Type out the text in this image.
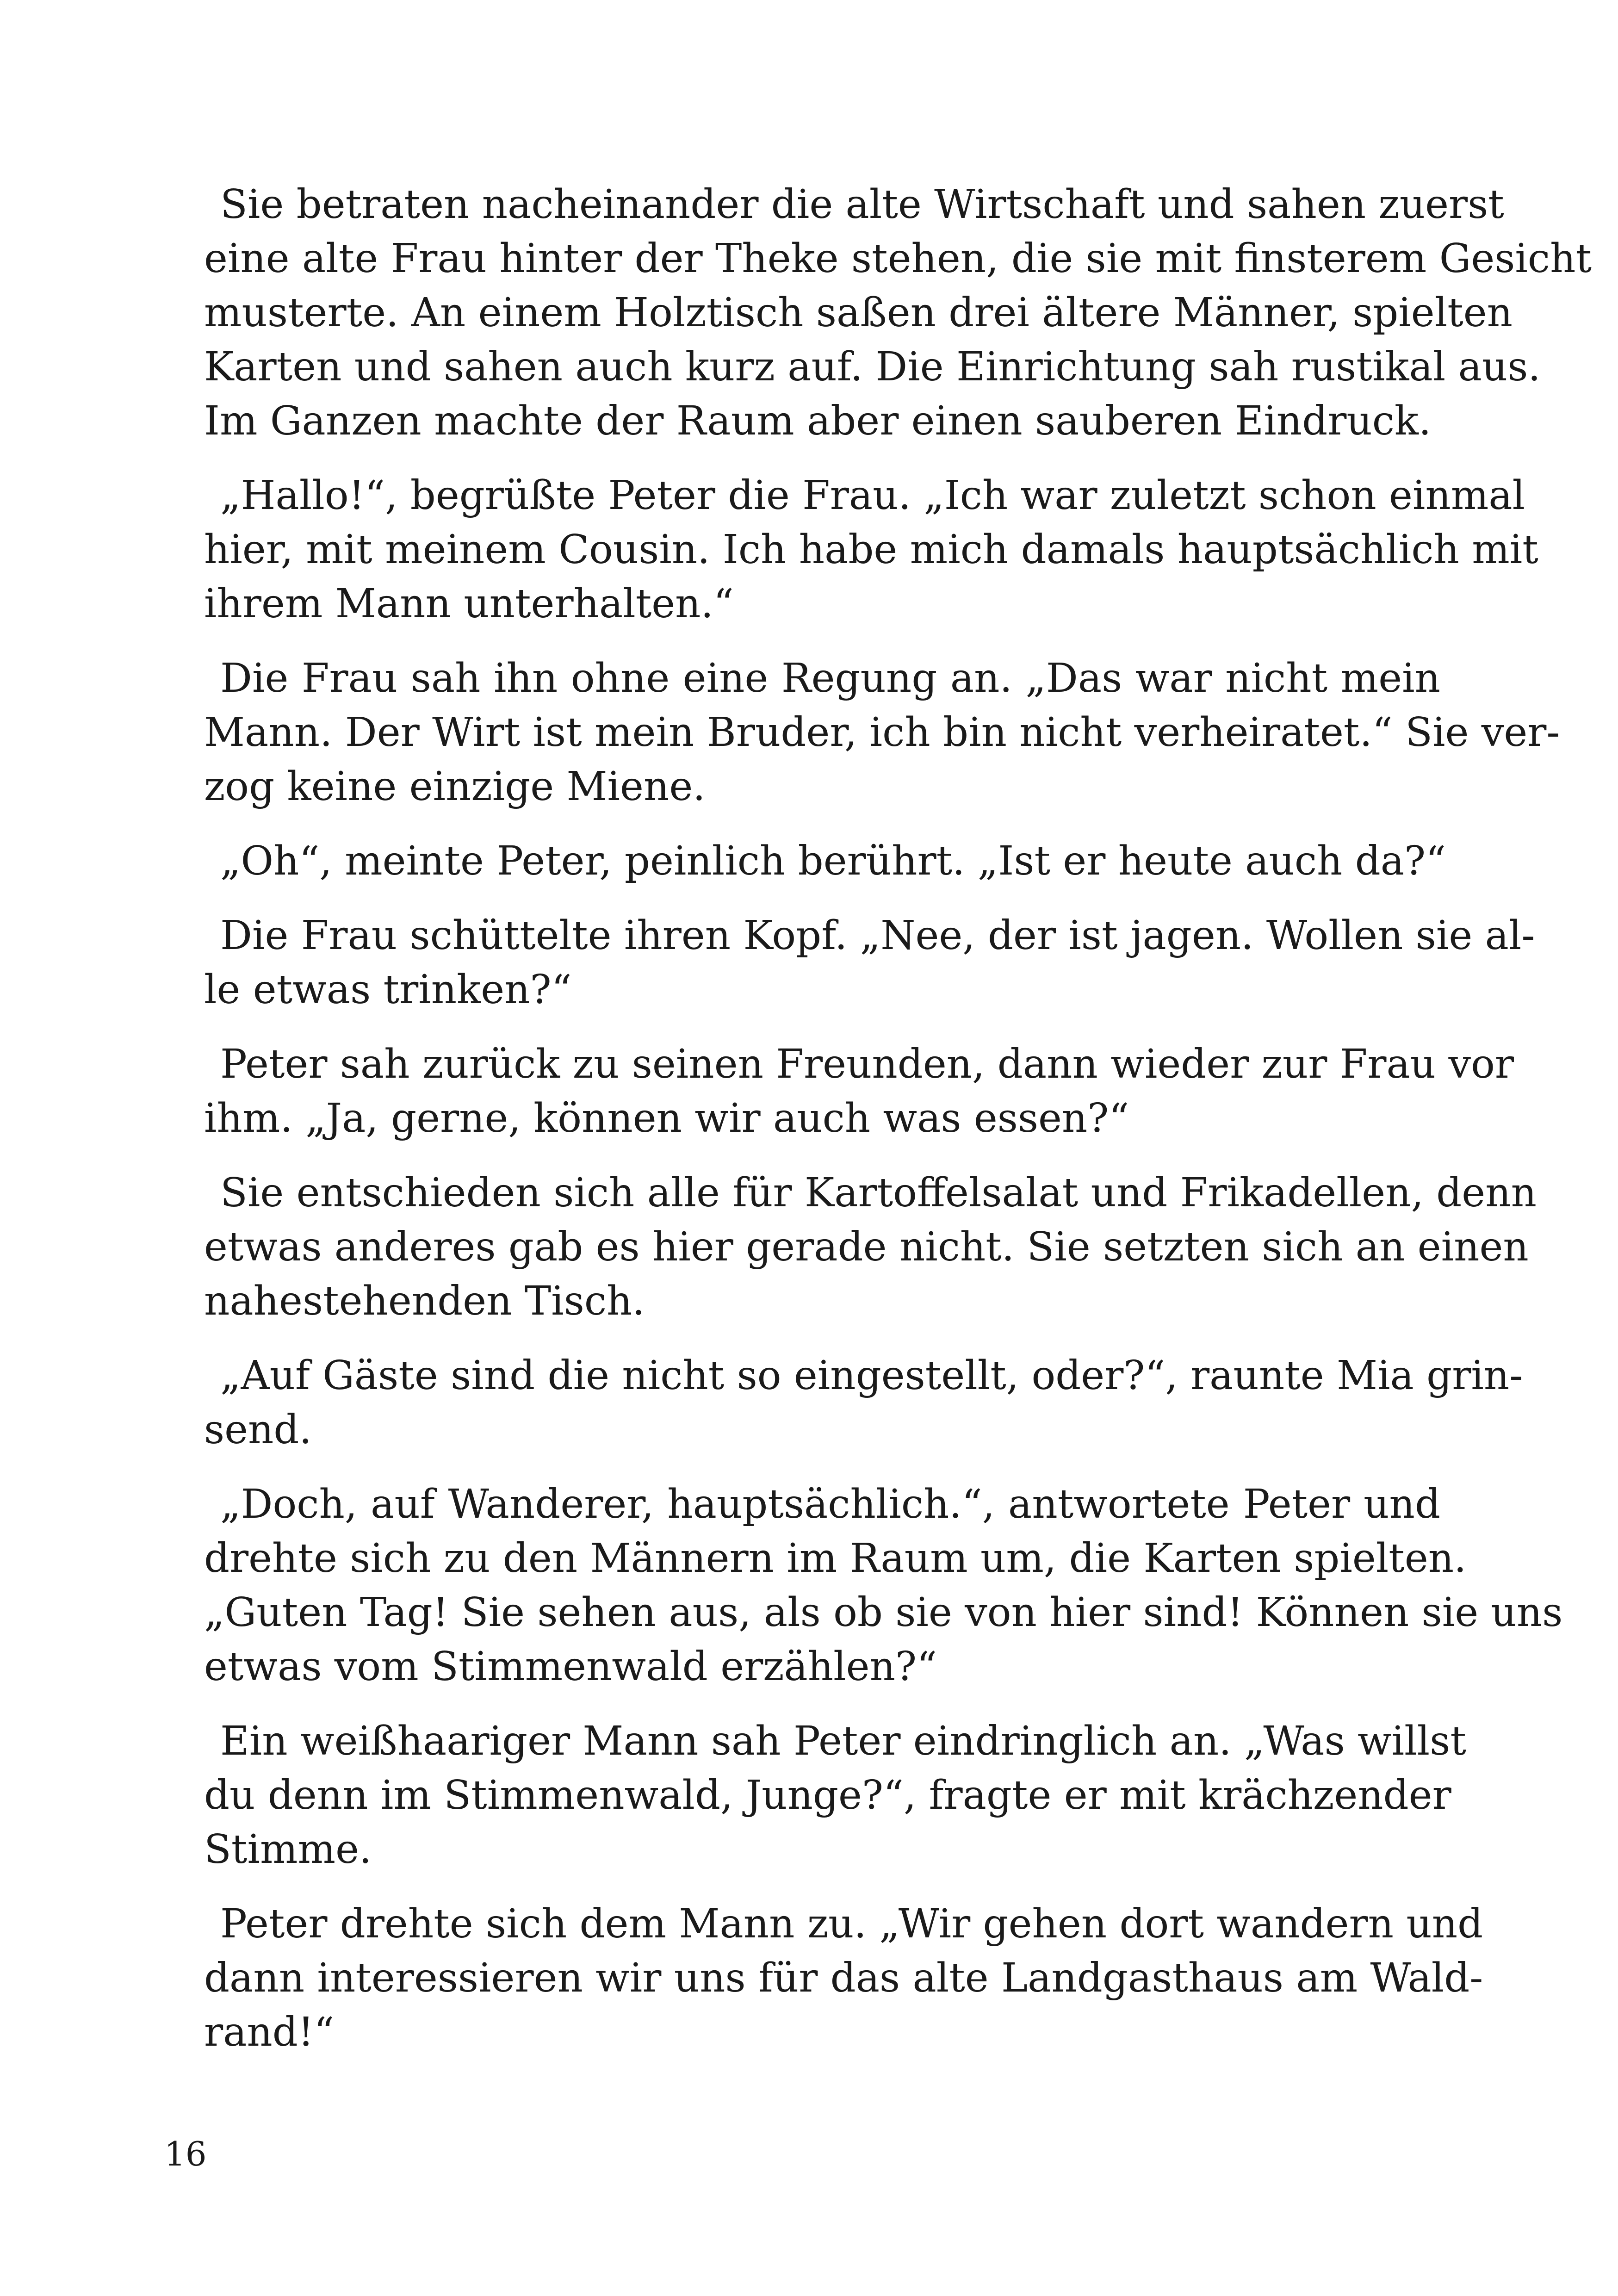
Sie betraten nacheinander die alte Wirtschaft und sahen zuerst
eine alte Frau hinter der Theke stehen, die sie mit finsterem Gesicht
musterte. An einem Holztisch saßen drei ältere Männer, spielten
Karten und sahen auch kurz auf. Die Einrichtung sah rustikal aus.
Im Ganzen machte der Raum aber einen sauberen Eindruck.
„Hallo!“, begrüßte Peter die Frau. „Ich war zuletzt schon einmal
hier, mit meinem Cousin. Ich habe mich damals hauptsächlich mit
ihrem Mann unterhalten.“
Die Frau sah ihn ohne eine Regung an. „Das war nicht mein
Mann. Der Wirt ist mein Bruder, ich bin nicht verheiratet.“ Sie ver-
zog keine einzige Miene.
„Oh“, meinte Peter, peinlich berührt. „Ist er heute auch da?“
Die Frau schüttelte ihren Kopf. „Nee, der ist jagen. Wollen sie al-
le etwas trinken?“
Peter sah zurück zu seinen Freunden, dann wieder zur Frau vor
ihm. „Ja, gerne, können wir auch was essen?“
Sie entschieden sich alle für Kartoffelsalat und Frikadellen, denn
etwas anderes gab es hier gerade nicht. Sie setzten sich an einen
nahestehenden Tisch.
„Auf Gäste sind die nicht so eingestellt, oder?“, raunte Mia grin-
send.
„Doch, auf Wanderer, hauptsächlich.“, antwortete Peter und
drehte sich zu den Männern im Raum um, die Karten spielten.
„Guten Tag! Sie sehen aus, als ob sie von hier sind! Können sie uns
etwas vom Stimmenwald erzählen?“
Ein weißhaariger Mann sah Peter eindringlich an. „Was willst
du denn im Stimmenwald, Junge?“, fragte er mit krächzender
Stimme.
Peter drehte sich dem Mann zu. „Wir gehen dort wandern und
dann interessieren wir uns für das alte Landgasthaus am Wald-
rand!“
16
